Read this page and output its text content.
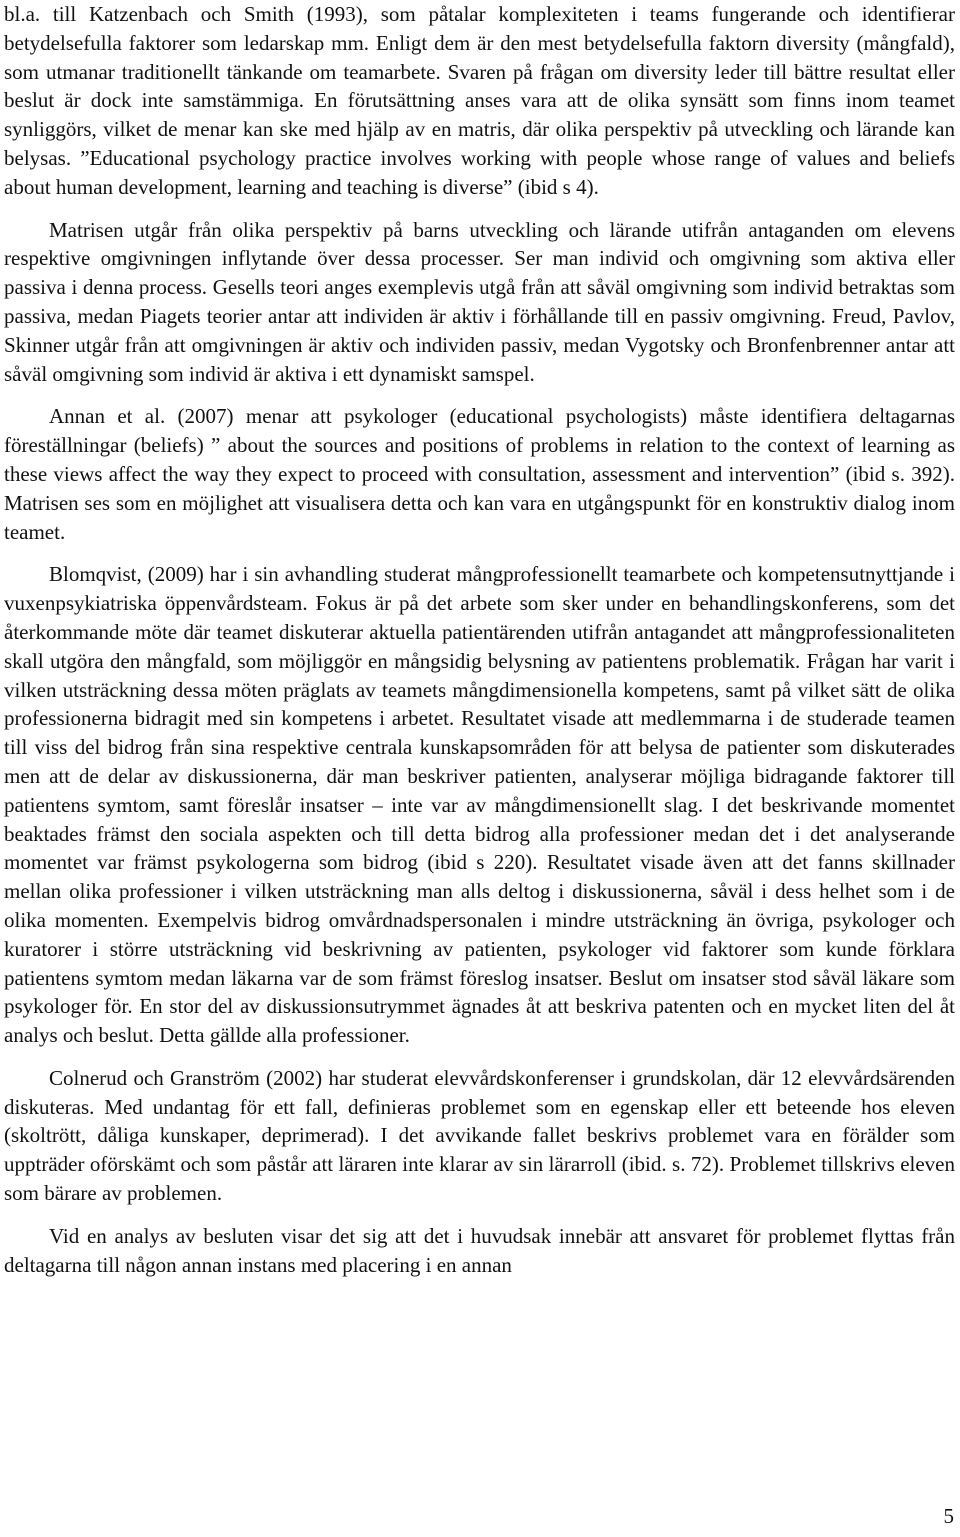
bl.a. till Katzenbach och Smith (1993), som påtalar komplexiteten i teams fungerande och identifierar betydelsefulla faktorer som ledarskap mm. Enligt dem är den mest betydelsefulla faktorn diversity (mångfald), som utmanar traditionellt tänkande om teamarbete. Svaren på frågan om diversity leder till bättre resultat eller beslut är dock inte samstämmiga. En förutsättning anses vara att de olika synsätt som finns inom teamet synliggörs, vilket de menar kan ske med hjälp av en matris, där olika perspektiv på utveckling och lärande kan belysas. ”Educational psychology practice involves working with people whose range of values and beliefs about human development, learning and teaching is diverse” (ibid s 4).

Matrisen utgår från olika perspektiv på barns utveckling och lärande utifrån antaganden om elevens respektive omgivningen inflytande över dessa processer. Ser man individ och omgivning som aktiva eller passiva i denna process. Gesells teori anges exemplevis utgå från att såväl omgivning som individ betraktas som passiva, medan Piagets teorier antar att individen är aktiv i förhållande till en passiv omgivning. Freud, Pavlov, Skinner utgår från att omgivningen är aktiv och individen passiv, medan Vygotsky och Bronfenbrenner antar att såväl omgivning som individ är aktiva i ett dynamiskt samspel.

Annan et al. (2007) menar att psykologer (educational psychologists) måste identifiera deltagarnas föreställningar (beliefs) ” about the sources and positions of problems in relation to the context of learning as these views affect the way they expect to proceed with consultation, assessment and intervention” (ibid s. 392). Matrisen ses som en möjlighet att visualisera detta och kan vara en utgångspunkt för en konstruktiv dialog inom teamet.

Blomqvist, (2009) har i sin avhandling studerat mångprofessionellt teamarbete och kompetensutnyttjande i vuxenpsykiatriska öppenvårdsteam. Fokus är på det arbete som sker under en behandlingskonferens, som det återkommande möte där teamet diskuterar aktuella patientärenden utifrån antagandet att mångprofessionaliteten skall utgöra den mångfald, som möjliggör en mångsidig belysning av patientens problematik. Frågan har varit i vilken utsträckning dessa möten präglats av teamets mångdimensionella kompetens, samt på vilket sätt de olika professionerna bidragit med sin kompetens i arbetet. Resultatet visade att medlemmarna i de studerade teamen till viss del bidrog från sina respektive centrala kunskapsområden för att belysa de patienter som diskuterades men att de delar av diskussionerna, där man beskriver patienten, analyserar möjliga bidragande faktorer till patientens symtom, samt föreslår insatser – inte var av mångdimensionellt slag. I det beskrivande momentet beaktades främst den sociala aspekten och till detta bidrog alla professioner medan det i det analyserande momentet var främst psykologerna som bidrog (ibid s 220). Resultatet visade även att det fanns skillnader mellan olika professioner i vilken utsträckning man alls deltog i diskussionerna, såväl i dess helhet som i de olika momenten. Exempelvis bidrog omvårdnadspersonalen i mindre utsträckning än övriga, psykologer och kuratorer i större utsträckning vid beskrivning av patienten, psykologer vid faktorer som kunde förklara patientens symtom medan läkarna var de som främst föreslog insatser. Beslut om insatser stod såväl läkare som psykologer för. En stor del av diskussionsutrymmet ägnades åt att beskriva patenten och en mycket liten del åt analys och beslut. Detta gällde alla professioner.

Colnerud och Granström (2002) har studerat elevvårdskonferenser i grundskolan, där 12 elevvårdsärenden diskuteras. Med undantag för ett fall, definieras problemet som en egenskap eller ett beteende hos eleven (skoltrött, dåliga kunskaper, deprimerad). I det avvikande fallet beskrivs problemet vara en förälder som uppträder oförskämt och som påstår att läraren inte klarar av sin lärarroll (ibid. s. 72). Problemet tillskrivs eleven som bärare av problemen.

Vid en analys av besluten visar det sig att det i huvudsak innebär att ansvaret för problemet flyttas från deltagarna till någon annan instans med placering i en annan

5
